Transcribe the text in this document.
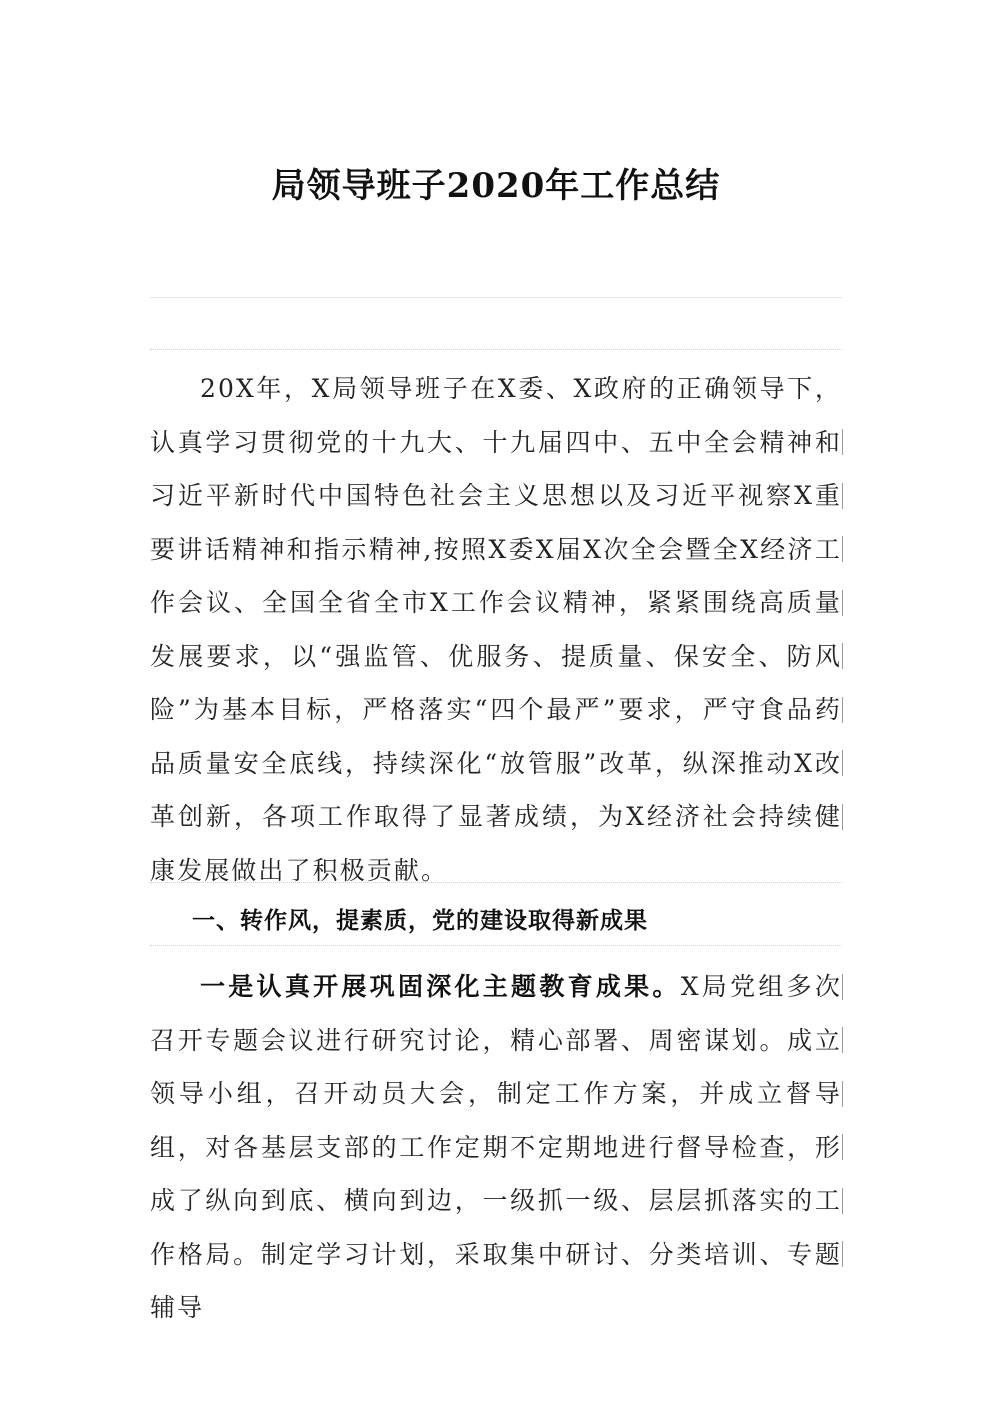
局领导班子2020年工作总结

20X年，X局领导班子在X委、X政府的正确领导下，认真学习贯彻党的十九大、十九届四中、五中全会精神和习近平新时代中国特色社会主义思想以及习近平视察X重要讲话精神和指示精神,按照X委X届X次全会暨全X经济工作会议、全国全省全市X工作会议精神，紧紧围绕高质量发展要求，以“强监管、优服务、提质量、保安全、防风险”为基本目标，严格落实“四个最严”要求，严守食品药品质量安全底线，持续深化“放管服”改革，纵深推动X改革创新，各项工作取得了显著成绩，为X经济社会持续健康发展做出了积极贡献。

一、转作风，提素质，党的建设取得新成果

一是认真开展巩固深化主题教育成果。X局党组多次召开专题会议进行研究讨论，精心部署、周密谋划。成立领导小组，召开动员大会，制定工作方案，并成立督导组，对各基层支部的工作定期不定期地进行督导检查，形成了纵向到底、横向到边，一级抓一级、层层抓落实的工作格局。制定学习计划，采取集中研讨、分类培训、专题辅导
